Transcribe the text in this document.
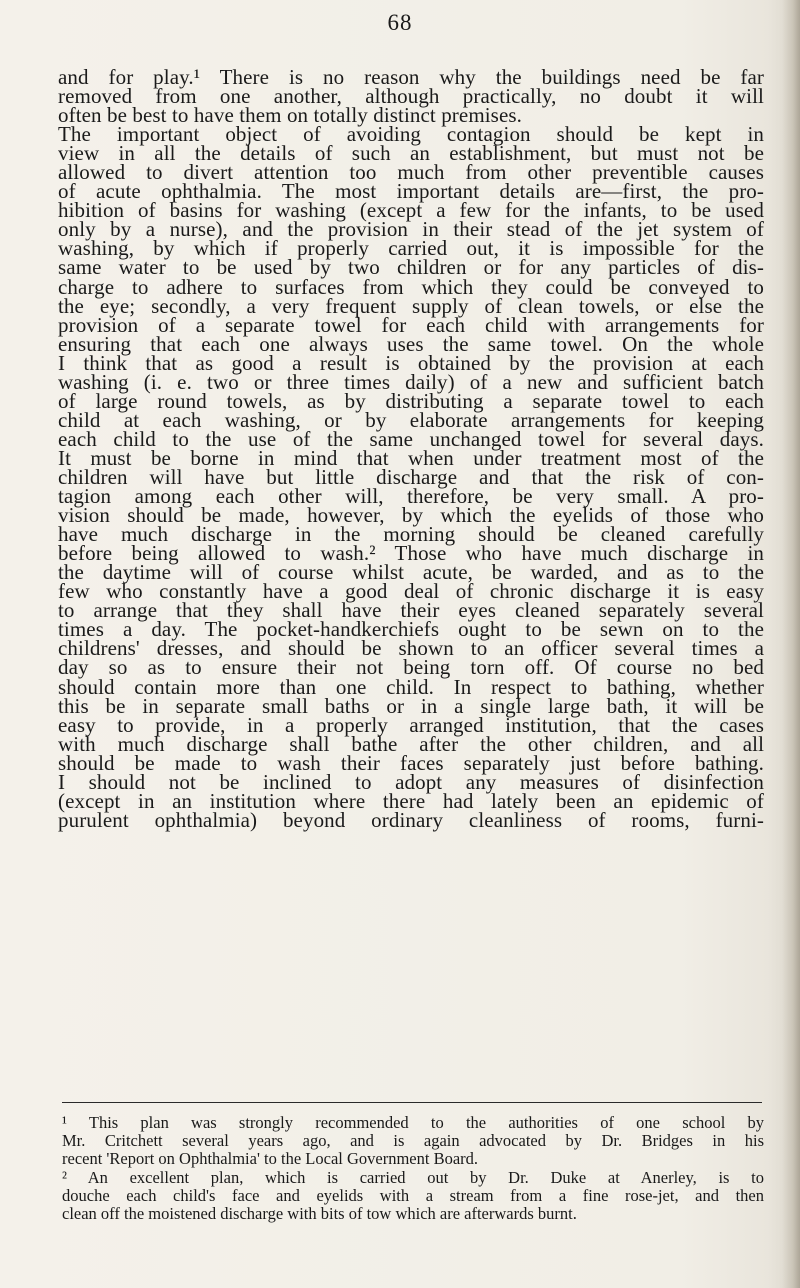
68
and for play.¹ There is no reason why the buildings need be far
removed from one another, although practically, no doubt it will
often be best to have them on totally distinct premises.
The important object of avoiding contagion should be kept in
view in all the details of such an establishment, but must not be
allowed to divert attention too much from other preventible causes
of acute ophthalmia. The most important details are—first, the pro-
hibition of basins for washing (except a few for the infants, to be used
only by a nurse), and the provision in their stead of the jet system of
washing, by which if properly carried out, it is impossible for the
same water to be used by two children or for any particles of dis-
charge to adhere to surfaces from which they could be conveyed to
the eye; secondly, a very frequent supply of clean towels, or else the
provision of a separate towel for each child with arrangements for
ensuring that each one always uses the same towel. On the whole
I think that as good a result is obtained by the provision at each
washing (i. e. two or three times daily) of a new and sufficient batch
of large round towels, as by distributing a separate towel to each
child at each washing, or by elaborate arrangements for keeping
each child to the use of the same unchanged towel for several days.
It must be borne in mind that when under treatment most of the
children will have but little discharge and that the risk of con-
tagion among each other will, therefore, be very small. A pro-
vision should be made, however, by which the eyelids of those who
have much discharge in the morning should be cleaned carefully
before being allowed to wash.² Those who have much discharge in
the daytime will of course whilst acute, be warded, and as to the
few who constantly have a good deal of chronic discharge it is easy
to arrange that they shall have their eyes cleaned separately several
times a day. The pocket-handkerchiefs ought to be sewn on to the
childrens' dresses, and should be shown to an officer several times a
day so as to ensure their not being torn off. Of course no bed
should contain more than one child. In respect to bathing, whether
this be in separate small baths or in a single large bath, it will be
easy to provide, in a properly arranged institution, that the cases
with much discharge shall bathe after the other children, and all
should be made to wash their faces separately just before bathing.
I should not be inclined to adopt any measures of disinfection
(except in an institution where there had lately been an epidemic of
purulent ophthalmia) beyond ordinary cleanliness of rooms, furni-
¹ This plan was strongly recommended to the authorities of one school by
Mr. Critchett several years ago, and is again advocated by Dr. Bridges in his
recent 'Report on Ophthalmia' to the Local Government Board.
² An excellent plan, which is carried out by Dr. Duke at Anerley, is to
douche each child's face and eyelids with a stream from a fine rose-jet, and then
clean off the moistened discharge with bits of tow which are afterwards burnt.
